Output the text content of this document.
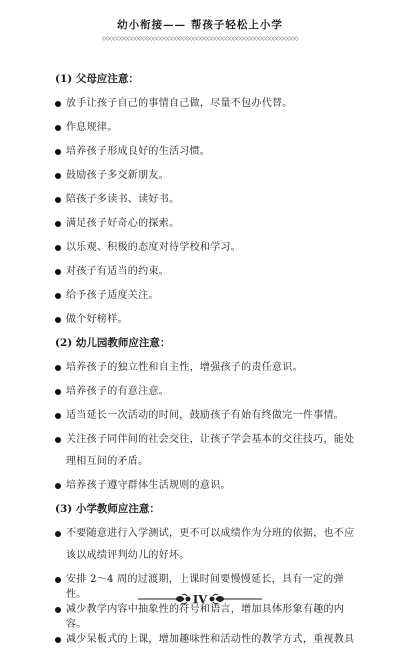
幼小衔接—— 帮孩子轻松上小学
◇◇◇◇◇◇◇◇◇◇◇◇◇◇◇◇◇◇◇◇◇◇◇◇◇◇◇◇◇◇◇◇◇◇◇◇◇◇◇◇◇◇◇◇◇◇◇◇◇◇◇◇◇◇
(1) 父母应注意：
放手让孩子自己的事情自己做，尽量不包办代替。
作息规律。
培养孩子形成良好的生活习惯。
鼓励孩子多交新朋友。
陪孩子多读书、读好书。
满足孩子好奇心的探索。
以乐观、积极的态度对待学校和学习。
对孩子有适当的约束。
给予孩子适度关注。
做个好榜样。
(2) 幼儿园教师应注意：
培养孩子的独立性和自主性，增强孩子的责任意识。
培养孩子的有意注意。
适当延长一次活动的时间，鼓励孩子有始有终做完一件事情。
关注孩子同伴间的社会交往，让孩子学会基本的交往技巧，能处理相互间的矛盾。
培养孩子遵守群体生活规则的意识。
(3) 小学教师应注意：
不要随意进行入学测试，更不可以成绩作为分班的依据，也不应该以成绩评判幼儿的好坏。
安排 2～4 周的过渡期，上课时间要慢慢延长，具有一定的弹性。
减少教学内容中抽象性的符号和语言，增加具体形象有趣的内容。
减少呆板式的上课，增加趣味性和活动性的教学方式，重视教具
IV
